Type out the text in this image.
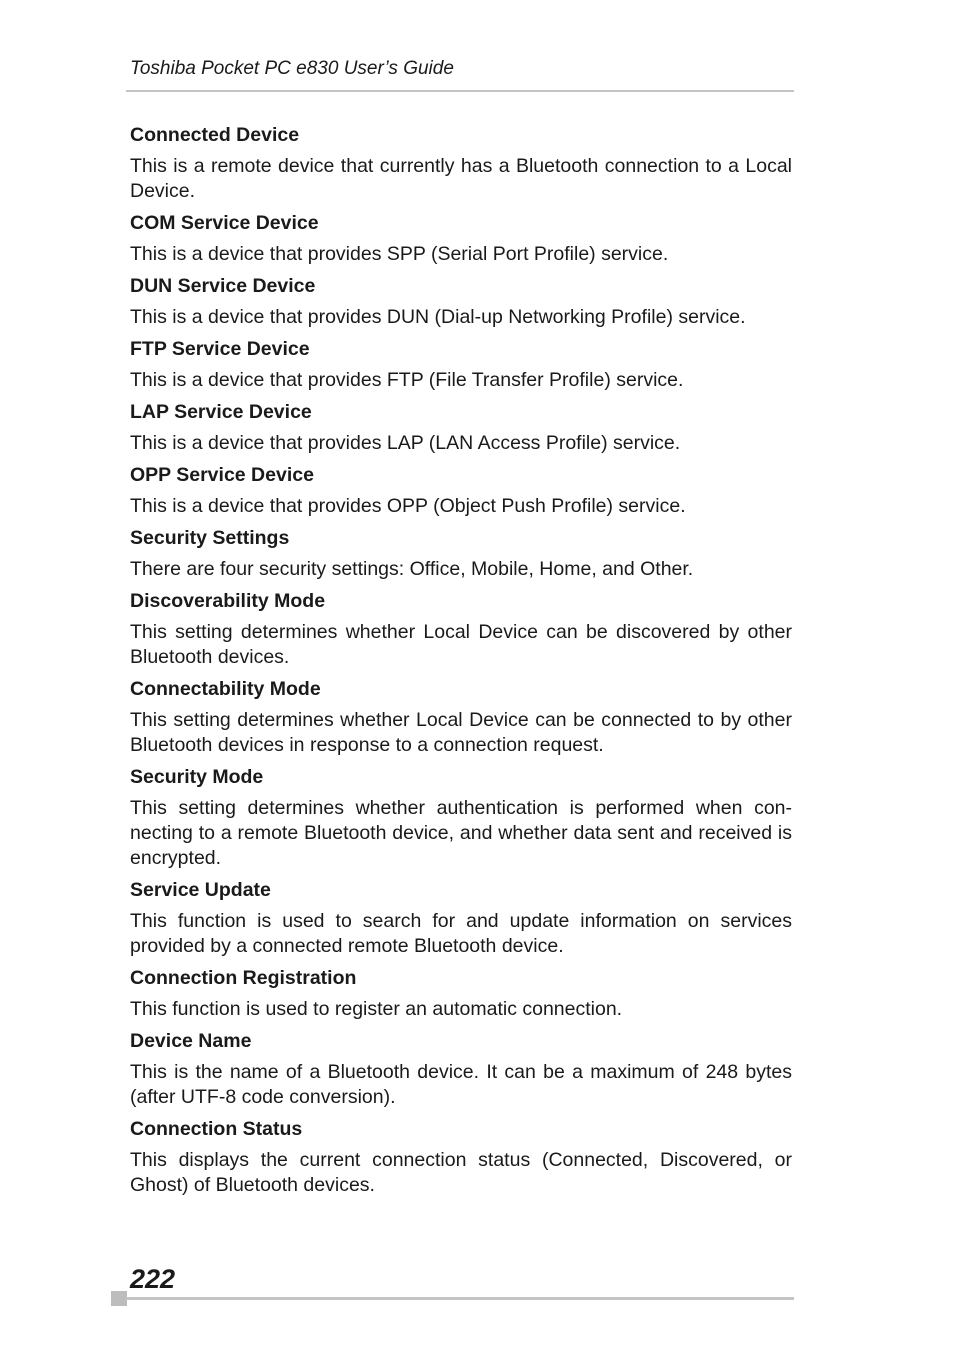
Toshiba Pocket PC e830 User’s Guide
Connected Device
This is a remote device that currently has a Bluetooth connection to a Local Device.
COM Service Device
This is a device that provides SPP (Serial Port Profile) service.
DUN Service Device
This is a device that provides DUN (Dial-up Networking Profile) service.
FTP Service Device
This is a device that provides FTP (File Transfer Profile) service.
LAP Service Device
This is a device that provides LAP (LAN Access Profile) service.
OPP Service Device
This is a device that provides OPP (Object Push Profile) service.
Security Settings
There are four security settings: Office, Mobile, Home, and Other.
Discoverability Mode
This setting determines whether Local Device can be discovered by other Bluetooth devices.
Connectability Mode
This setting determines whether Local Device can be connected to by other Bluetooth devices in response to a connection request.
Security Mode
This setting determines whether authentication is performed when con-necting to a remote Bluetooth device, and whether data sent and received is encrypted.
Service Update
This function is used to search for and update information on services provided by a connected remote Bluetooth device.
Connection Registration
This function is used to register an automatic connection.
Device Name
This is the name of a Bluetooth device. It can be a maximum of 248 bytes (after UTF-8 code conversion).
Connection Status
This displays the current connection status (Connected, Discovered, or Ghost) of Bluetooth devices.
222
